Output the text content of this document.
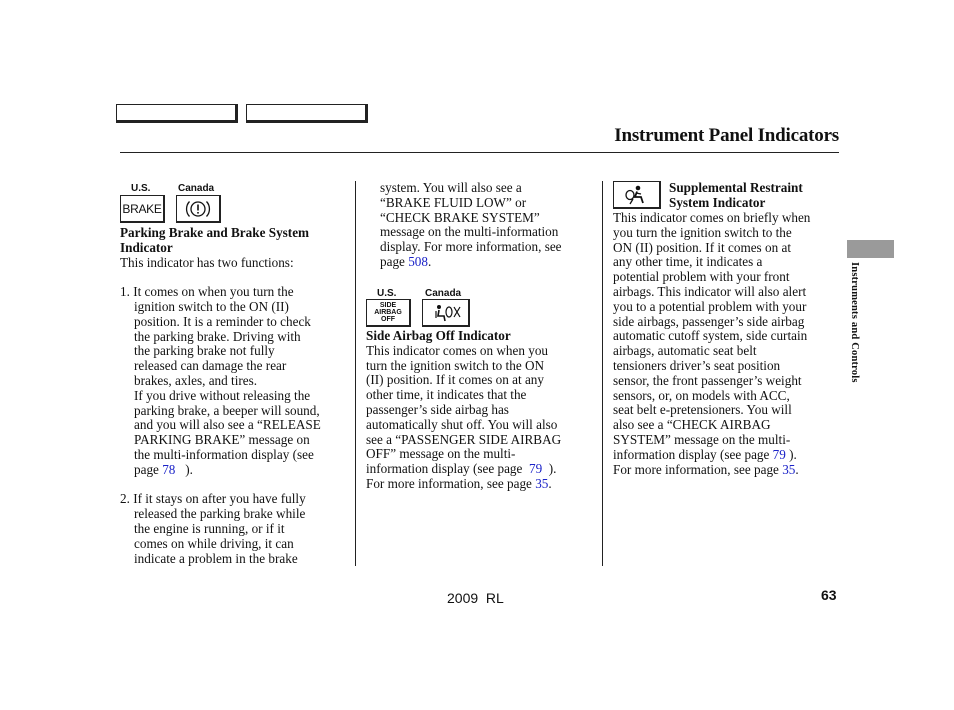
Instrument Panel Indicators
U.S.	Canada
BRAKE

Parking Brake and Brake System

Indicator

This indicator has two functions:

1. It comes on when you turn the

ignition switch to the ON (II)

position. It is a reminder to check

the parking brake. Driving with

the parking brake not fully

released can damage the rear

brakes, axles, and tires.

If you drive without releasing the

parking brake, a beeper will sound,

and you will also see a “RELEASE

PARKING BRAKE” message on

the multi-information display (see

page 78 ).

2. If it stays on after you have fully

released the parking brake while

the engine is running, or if it

comes on while driving, it can

indicate a problem in the brake

system. You will also see a

“BRAKE FLUID LOW” or

“CHECK BRAKE SYSTEM”

message on the multi-information

display. For more information, see

page 508.

U.S.	Canada
SIDE
AIRBAG
OFF

Side Airbag Off Indicator

This indicator comes on when you

turn the ignition switch to the ON

(II) position. If it comes on at any

other time, it indicates that the

passenger’s side airbag has

automatically shut off. You will also

see a “PASSENGER SIDE AIRBAG

OFF” message on the multi-

information display (see page 79 ).

For more information, see page 35.

Supplemental Restraint

System Indicator

This indicator comes on briefly when

you turn the ignition switch to the

ON (II) position. If it comes on at

any other time, it indicates a

potential problem with your front

airbags. This indicator will also alert

you to a potential problem with your

side airbags, passenger’s side airbag

automatic cutoff system, side curtain

airbags, automatic seat belt

tensioners driver’s seat position

sensor, the front passenger’s weight

sensors, or, on models with ACC,

seat belt e-pretensioners. You will

also see a “CHECK AIRBAG

SYSTEM” message on the multi-

information display (see page 79 ).

For more information, see page 35.

Instruments and Controls
2009  RL	63
